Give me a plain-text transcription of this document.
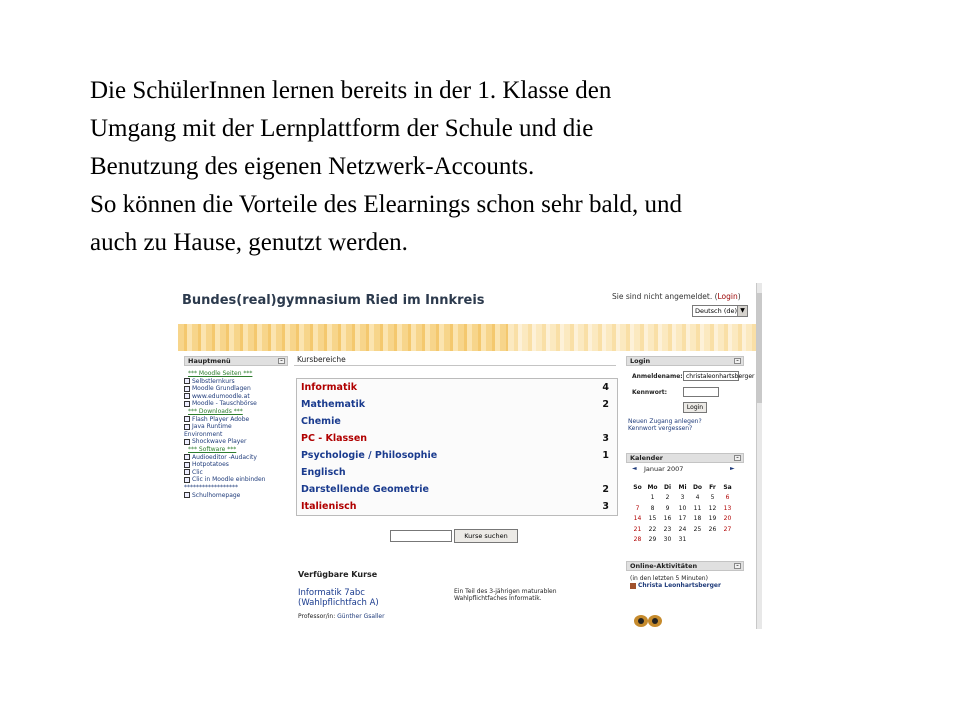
Die SchülerInnen lernen bereits in der 1. Klasse den
Umgang mit der Lernplattform der Schule und die
Benutzung des eigenen Netzwerk-Accounts.
So können die Vorteile des Elearnings schon sehr bald, und
auch zu Hause, genutzt werden.
Bundes(real)gymnasium Ried im Innkreis	Sie sind nicht angemeldet. (Login)
Deutsch (de) ▼
Hauptmenü	–
*** Moodle Seiten ***
Selbstlernkurs
Moodle Grundlagen
www.edumoodle.at
Moodle - Tauschbörse
*** Downloads ***
Flash Player Adobe
Java Runtime
Environment
Shockwave Player
*** Software ***
Audioeditor -Audacity
Hotpotatoes
Clic
Clic in Moodle einbinden
******************
Schulhomepage
Kursbereiche
Informatik	4
Mathematik	2
Chemie
PC - Klassen	3
Psychologie / Philosophie	1
Englisch
Darstellende Geometrie	2
Italienisch	3
Kurse suchen
Verfügbare Kurse
Informatik 7abc
(Wahlpflichtfach A)
Professor/in: Günther Gsaller
Ein Teil des 3-jährigen maturablen
Wahlpflichtfaches Informatik.
Login	–
Anmeldename: christaleonhartsberger
Kennwort:
Login
Neuen Zugang anlegen?
Kennwort vergessen?
Kalender	–
◄ Januar 2007	►
So	Mo	Di	Mi	Do	Fr	Sa
	1	2	3	4	5	6
7	8	9	10	11	12	13
14	15	16	17	18	19	20
21	22	23	24	25	26	27
28	29	30	31			
Online-Aktivitäten	–
(in den letzten 5 Minuten)
Christa Leonhartsberger
